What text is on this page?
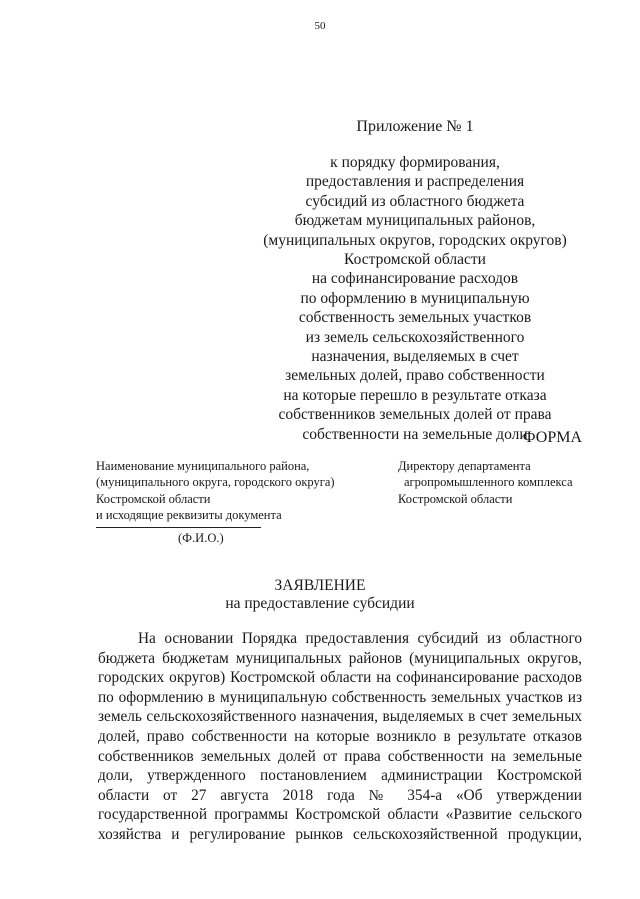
50
Приложение № 1
к порядку формирования,
предоставления и распределения
субсидий из областного бюджета
бюджетам муниципальных районов,
(муниципальных округов, городских округов)
Костромской области
на софинансирование расходов
по оформлению в муниципальную
собственность земельных участков
из земель сельскохозяйственного
назначения, выделяемых в счет
земельных долей, право собственности
на которые перешло в результате отказа
собственников земельных долей от права
собственности на земельные доли
ФОРМА
Наименование муниципального района,
(муниципального округа, городского округа)
Костромской области
и исходящие реквизиты документа
Директору департамента
агропромышленного комплекса
Костромской области
(Ф.И.О.)
ЗАЯВЛЕНИЕ
на предоставление субсидии
На основании Порядка предоставления субсидий из областного
бюджета бюджетам муниципальных районов (муниципальных округов,
городских округов) Костромской области на софинансирование расходов
по оформлению в муниципальную собственность земельных участков из
земель сельскохозяйственного назначения, выделяемых в счет земельных
долей, право собственности на которые возникло в результате отказов
собственников земельных долей от права собственности на земельные
доли, утвержденного постановлением администрации Костромской
области от 27 августа 2018 года № 354-а «Об утверждении
государственной программы Костромской области «Развитие сельского
хозяйства и регулирование рынков сельскохозяйственной продукции,
